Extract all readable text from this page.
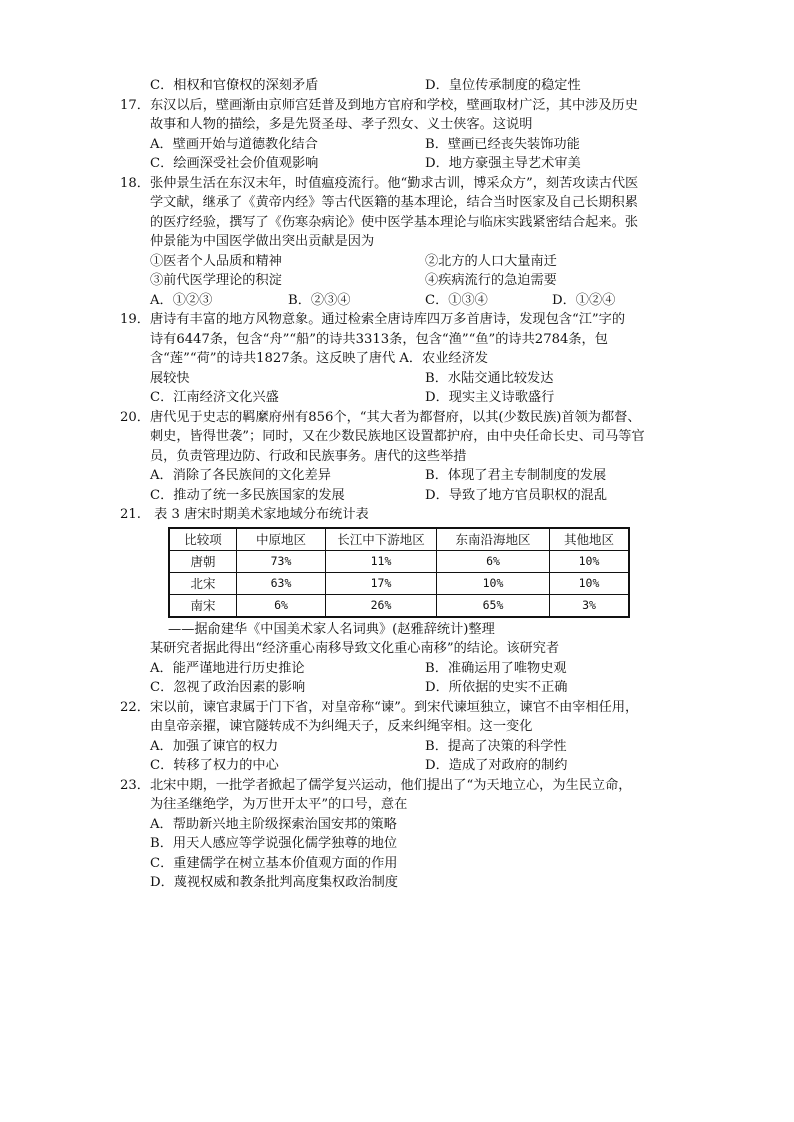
C．相权和官僚权的深刻矛盾	D．皇位传承制度的稳定性
17．东汉以后，壁画渐由京师宫廷普及到地方官府和学校，壁画取材广泛，其中涉及历史
故事和人物的描绘，多是先贤圣母、孝子烈女、义士侠客。这说明
A．壁画开始与道德教化结合	B．壁画已经丧失装饰功能
C．绘画深受社会价值观影响	D．地方豪强主导艺术审美
18．张仲景生活在东汉末年，时值瘟疫流行。他“勤求古训，博采众方”，刻苦攻读古代医
学文献，继承了《黄帝内经》等古代医籍的基本理论，结合当时医家及自己长期积累
的医疗经验，撰写了《伤寒杂病论》使中医学基本理论与临床实践紧密结合起来。张
仲景能为中国医学做出突出贡献是因为
①医者个人品质和精神	②北方的人口大量南迁
③前代医学理论的积淀	④疾病流行的急迫需要
A．①②③	B．②③④	C．①③④	D．①②④
19．唐诗有丰富的地方风物意象。通过检索全唐诗库四万多首唐诗，发现包含“江”字的
诗有6447条，包含“舟”“船”的诗共3313条，包含“渔”“鱼”的诗共2784条，包
含“莲”“荷”的诗共1827条。这反映了唐代 A．农业经济发
展较快	B．水陆交通比较发达
C．江南经济文化兴盛	D．现实主义诗歌盛行
20．唐代见于史志的羁縻府州有856个，“其大者为都督府，以其(少数民族)首领为都督、
刺史，皆得世袭”；同时，又在少数民族地区设置都护府，由中央任命长史、司马等官
员，负责管理边防、行政和民族事务。唐代的这些举措
A．消除了各民族间的文化差异	B．体现了君主专制制度的发展
C．推动了统一多民族国家的发展	D．导致了地方官员职权的混乱
21.　表 3 唐宋时期美术家地域分布统计表
比较项	中原地区	长江中下游地区	东南沿海地区	其他地区
唐朝	73%	11%	6%	10%
北宋	63%	17%	10%	10%
南宋	6%	26%	65%	3%
——据俞建华《中国美术家人名词典》(赵雅辞统计)整理
某研究者据此得出“经济重心南移导致文化重心南移”的结论。该研究者
A．能严谨地进行历史推论	B．准确运用了唯物史观
C．忽视了政治因素的影响	D．所依据的史实不正确
22．宋以前，谏官隶属于门下省，对皇帝称“谏”。到宋代谏垣独立，谏官不由宰相任用，
由皇帝亲擢，谏官隧转成不为纠绳天子，反来纠绳宰相。这一变化
A．加强了谏官的权力	B．提高了决策的科学性
C．转移了权力的中心	D．造成了对政府的制约
23．北宋中期，一批学者掀起了儒学复兴运动，他们提出了“为天地立心，为生民立命，
为往圣继绝学，为万世开太平”的口号，意在
A．帮助新兴地主阶级探索治国安邦的策略
B．用天人感应等学说强化儒学独尊的地位
C．重建儒学在树立基本价值观方面的作用
D．蔑视权威和教条批判高度集权政治制度
